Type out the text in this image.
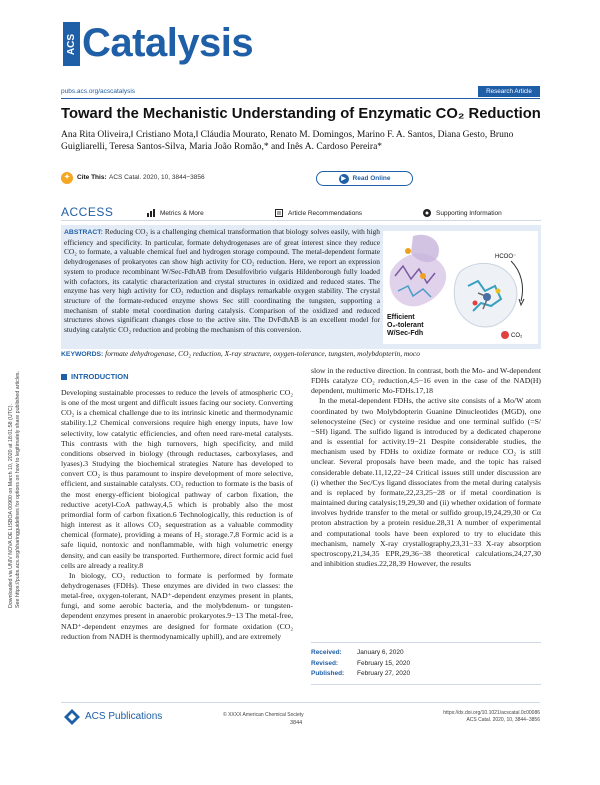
Downloaded via UNIV NOVA DE LISBOA 00900 on March 10, 2020 at 18:01:58 (UTC). See https://pubs.acs.org/sharingguidelines for options on how to legitimately share published articles.
ACS Catalysis
pubs.acs.org/acscatalysis	Research Article
Toward the Mechanistic Understanding of Enzymatic CO₂ Reduction
Ana Rita Oliveira,‖ Cristiano Mota,‖ Cláudia Mourato, Renato M. Domingos, Marino F. A. Santos, Diana Gesto, Bruno Guigliarelli, Teresa Santos-Silva, Maria João Romão,* and Inês A. Cardoso Pereira*
✦	Cite This: ACS Catal. 2020, 10, 3844−3856	▶	Read Online
ACCESS	Metrics & More	Article Recommendations	Supporting Information
ABSTRACT: Reducing CO₂ is a challenging chemical transformation that biology solves easily, with high efficiency and specificity. In particular, formate dehydrogenases are of great interest since they reduce CO₂ to formate, a valuable chemical fuel and hydrogen storage compound. The metal-dependent formate dehydrogenases of prokaryotes can show high activity for CO₂ reduction. Here, we report an expression system to produce recombinant W/Sec-FdhAB from Desulfovibrio vulgaris Hildenborough fully loaded with cofactors, its catalytic characterization and crystal structures in oxidized and reduced states. The enzyme has very high activity for CO₂ reduction and displays remarkable oxygen stability. The crystal structure of the formate-reduced enzyme shows Sec still coordinating the tungsten, supporting a mechanism of stable metal coordination during catalysis. Comparison of the oxidized and reduced structures shows significant changes close to the active site. The DvFdhAB is an excellent model for studying catalytic CO₂ reduction and probing the mechanism of this conversion.
HCOO⁻
CO₂
Efficient
O₂-tolerant
W/Sec-Fdh
KEYWORDS: formate dehydrogenase, CO₂ reduction, X-ray structure, oxygen-tolerance, tungsten, molybdopterin, moco
INTRODUCTION

Developing sustainable processes to reduce the levels of atmospheric CO₂ is one of the most urgent and difficult issues facing our society. Converting CO₂ is a chemical challenge due to its intrinsic kinetic and thermodynamic stability.1,2 Chemical conversions require high energy inputs, have low selectivity, low catalytic efficiencies, and often need rare-metal catalysts. This contrasts with the high turnovers, high specificity, and mild conditions observed in biology (through reductases, carboxylases, and lyases).3 Studying the biochemical strategies Nature has developed to convert CO₂ is thus paramount to inspire development of more selective, efficient, and sustainable catalysts. CO₂ reduction to formate is the basis of the most energy-efficient biological pathway of carbon fixation, the reductive acetyl-CoA pathway,4,5 which is probably also the most primordial form of carbon fixation.6 Technologically, this reduction is of high interest as it allows CO₂ sequestration as a valuable commodity chemical (formate), providing a means of H₂ storage.7,8 Formic acid is a safe liquid, nontoxic and nonflammable, with high volumetric energy density, and can easily be transported. Furthermore, direct formic acid fuel cells are already a reality.8

In biology, CO₂ reduction to formate is performed by formate dehydrogenases (FDHs). These enzymes are divided in two classes: the metal-free, oxygen-tolerant, NAD⁺-dependent enzymes present in plants, fungi, and some aerobic bacteria, and the molybdenum- or tungsten-dependent enzymes present in anaerobic prokaryotes.9−13 The metal-free, NAD⁺-dependent enzymes are designed for formate oxidation (CO₂ reduction from NADH is thermodynamically uphill), and are extremely

slow in the reductive direction. In contrast, both the Mo- and W-dependent FDHs catalyze CO₂ reduction,4,5−16 even in the case of the NAD(H) dependent, multimeric Mo-FDHs.17,18

In the metal-dependent FDHs, the active site consists of a Mo/W atom coordinated by two Molybdopterin Guanine Dinucleotides (MGD), one selenocysteine (Sec) or cysteine residue and one terminal sulfido (=S/−SH) ligand. The sulfido ligand is introduced by a dedicated chaperone and is essential for activity.19−21 Despite considerable studies, the mechanism used by FDHs to oxidize formate or reduce CO₂ is still unclear. Several proposals have been made, and the topic has raised considerable debate.11,12,22−24 Critical issues still under discussion are (i) whether the Sec/Cys ligand dissociates from the metal during catalysis and is replaced by formate,22,23,25−28 or if metal coordination is maintained during catalysis;19,29,30 and (ii) whether oxidation of formate involves hydride transfer to the metal or sulfido group,19,24,29,30 or Cα proton abstraction by a protein residue.28,31 A number of experimental and computational tools have been explored to try to elucidate this mechanism, namely X-ray crystallography,23,31−33 X-ray absorption spectroscopy,21,34,35 EPR,29,36−38 theoretical calculations,24,27,30 and inhibition studies.22,28,39 However, the results

Received:	January 6, 2020
Revised:	February 15, 2020
Published:	February 27, 2020
ACS Publications	© XXXX American Chemical Society
3844
https://dx.doi.org/10.1021/acscatal.0c00086
ACS Catal. 2020, 10, 3844−3856
